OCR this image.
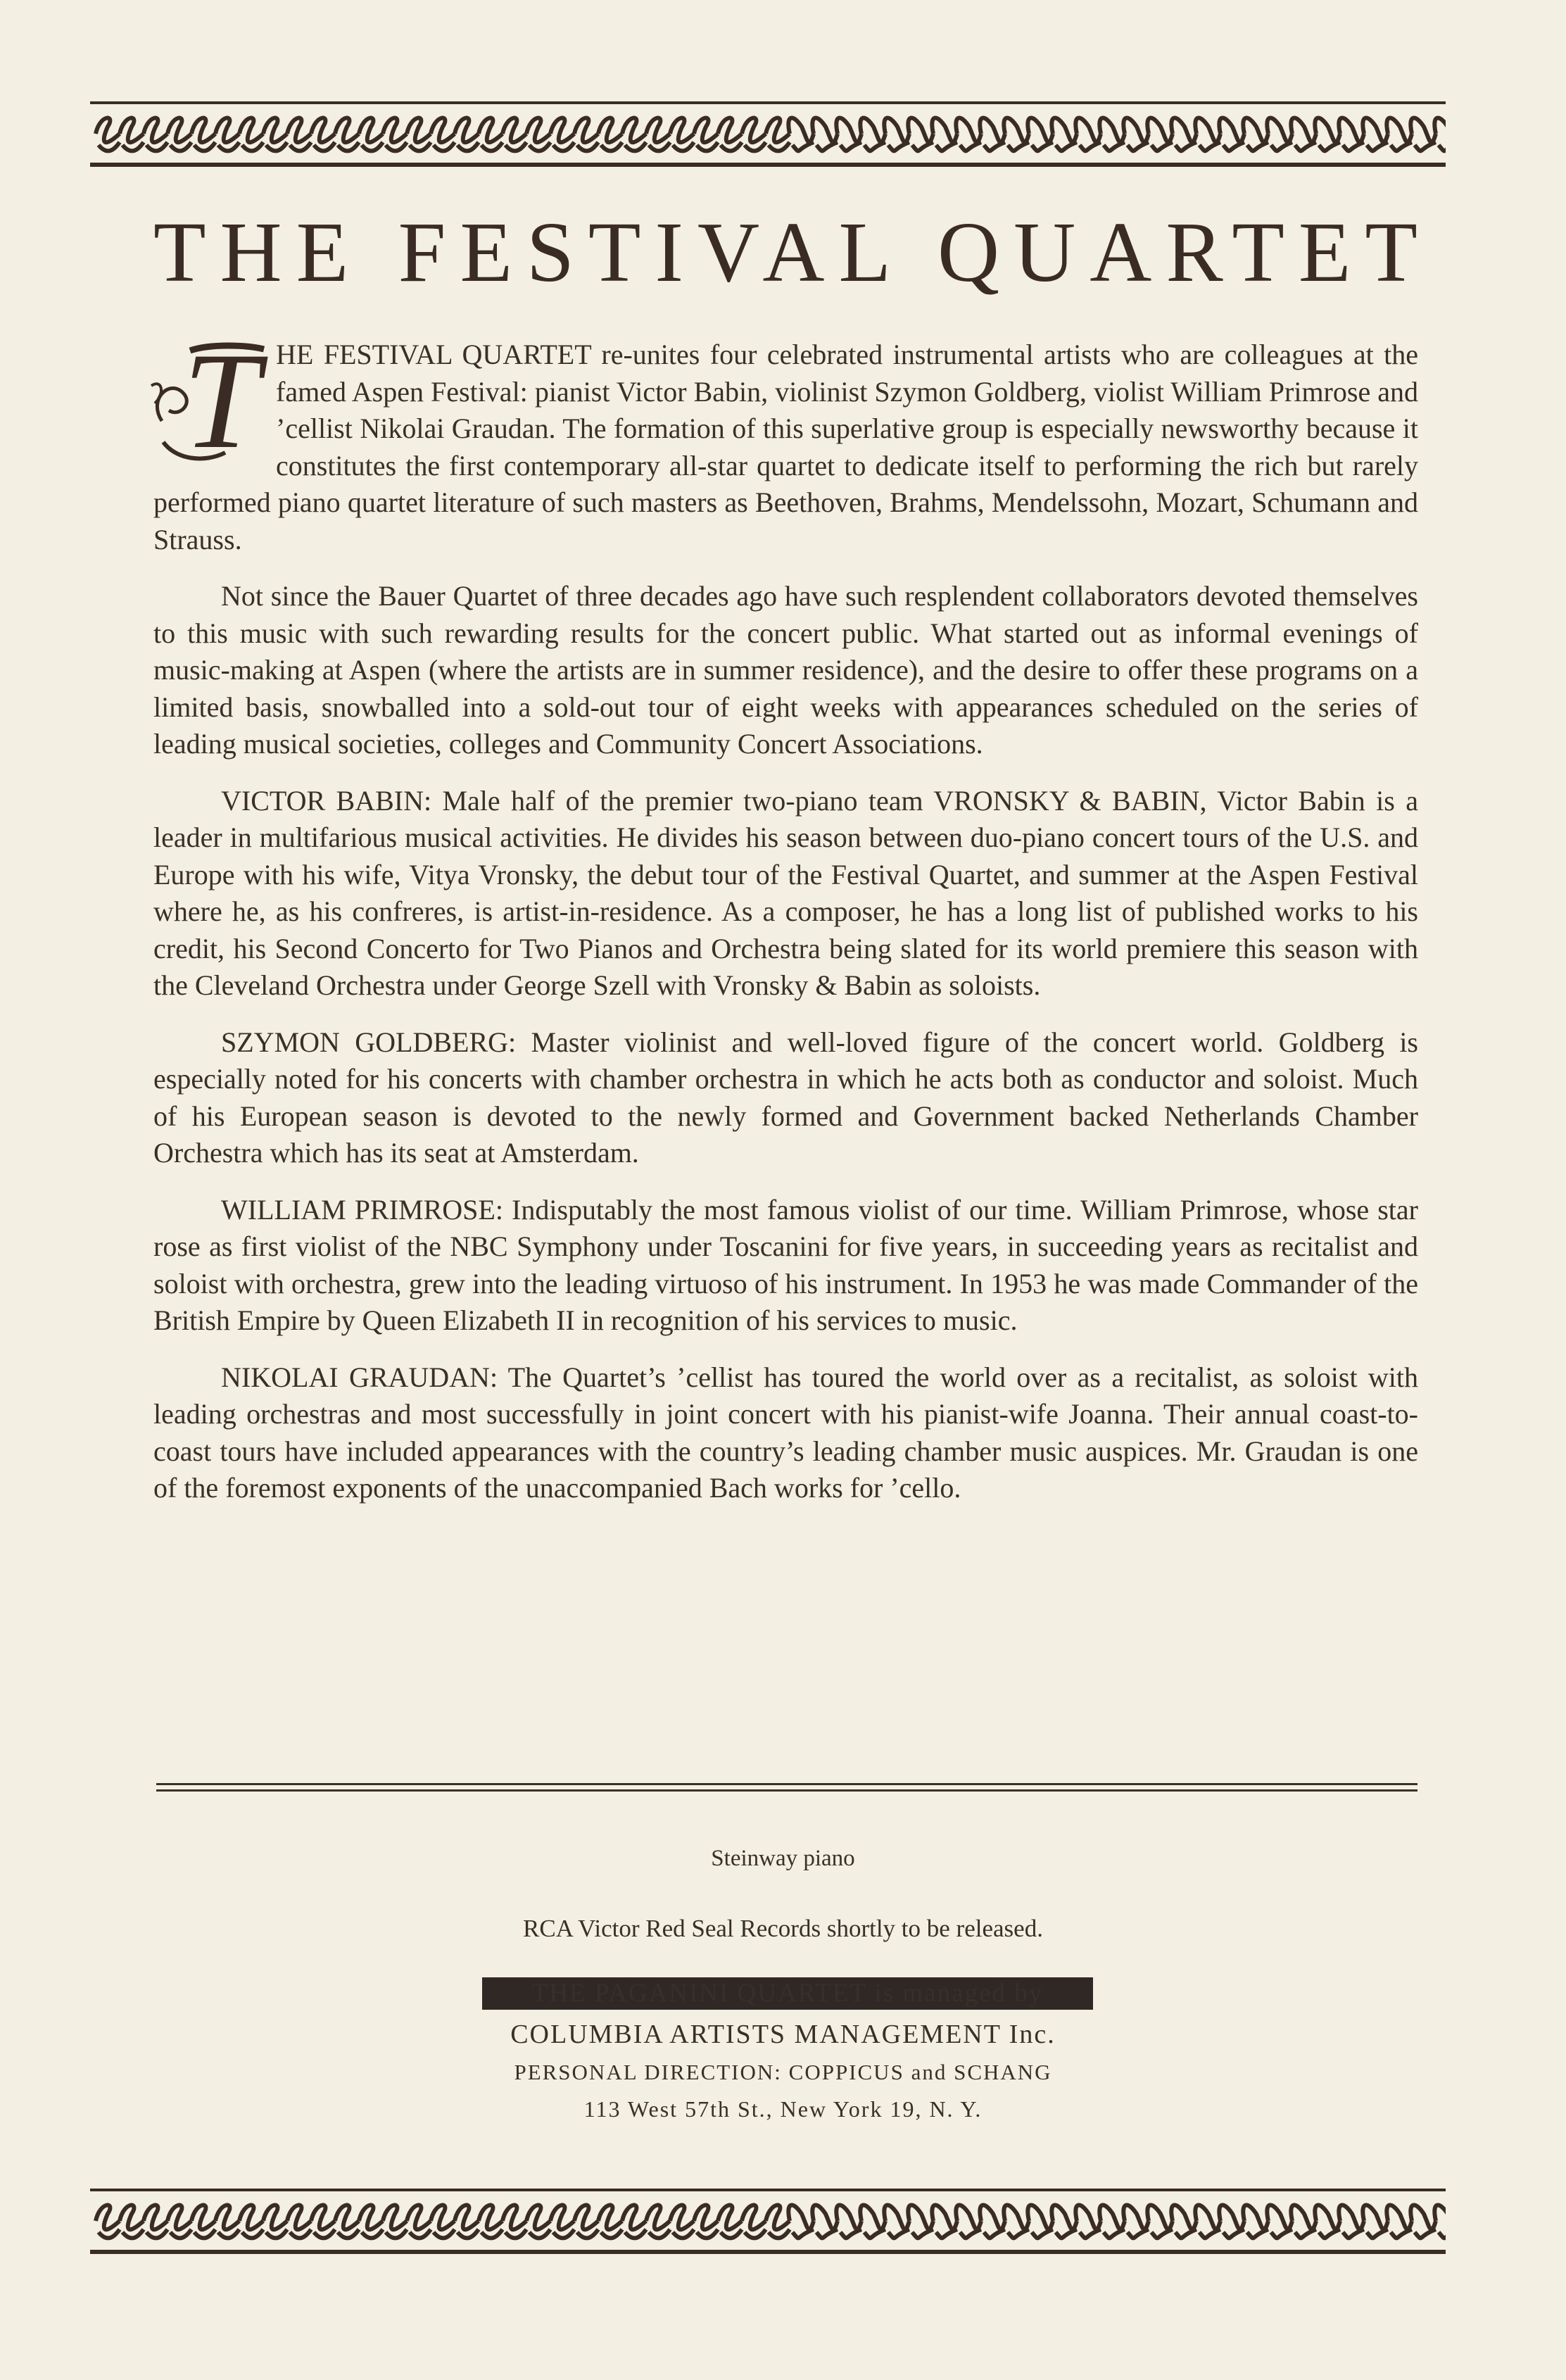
THE FESTIVAL QUARTET

T HE FESTIVAL QUARTET re-unites four celebrated instrumental artists who are colleagues at the famed Aspen Festival: pianist Victor Babin, violinist Szymon Goldberg, violist William Primrose and ’cellist Nikolai Graudan. The formation of this superlative group is especially newsworthy because it constitutes the first contemporary all-star quartet to dedicate itself to performing the rich but rarely performed piano quartet literature of such masters as Beethoven, Brahms, Mendelssohn, Mozart, Schumann and Strauss.

Not since the Bauer Quartet of three decades ago have such resplendent collaborators devoted themselves to this music with such rewarding results for the concert public. What started out as informal evenings of music-making at Aspen (where the artists are in summer residence), and the desire to offer these programs on a limited basis, snowballed into a sold-out tour of eight weeks with appearances scheduled on the series of leading musical societies, colleges and Community Concert Associations.

VICTOR BABIN: Male half of the premier two-piano team VRONSKY & BABIN, Victor Babin is a leader in multifarious musical activities. He divides his season between duo-piano concert tours of the U.S. and Europe with his wife, Vitya Vronsky, the debut tour of the Festival Quartet, and summer at the Aspen Festival where he, as his confreres, is artist-in-residence. As a composer, he has a long list of published works to his credit, his Second Concerto for Two Pianos and Orchestra being slated for its world premiere this season with the Cleveland Orchestra under George Szell with Vronsky & Babin as soloists.

SZYMON GOLDBERG: Master violinist and well-loved figure of the concert world. Goldberg is especially noted for his concerts with chamber orchestra in which he acts both as conductor and soloist. Much of his European season is devoted to the newly formed and Government backed Netherlands Chamber Orchestra which has its seat at Amsterdam.

WILLIAM PRIMROSE: Indisputably the most famous violist of our time. William Primrose, whose star rose as first violist of the NBC Symphony under Toscanini for five years, in succeeding years as recitalist and soloist with orchestra, grew into the leading virtuoso of his instrument. In 1953 he was made Commander of the British Empire by Queen Elizabeth II in recognition of his services to music.

NIKOLAI GRAUDAN: The Quartet’s ’cellist has toured the world over as a recitalist, as soloist with leading orchestras and most successfully in joint concert with his pianist-wife Joanna. Their annual coast-to-coast tours have included appearances with the country’s leading chamber music auspices. Mr. Graudan is one of the foremost exponents of the unaccompanied Bach works for ’cello.

Steinway piano
RCA Victor Red Seal Records shortly to be released.
THE PAGANINI QUARTET is managed by
COLUMBIA ARTISTS MANAGEMENT Inc.
PERSONAL DIRECTION: COPPICUS and SCHANG
113 West 57th St., New York 19, N. Y.
